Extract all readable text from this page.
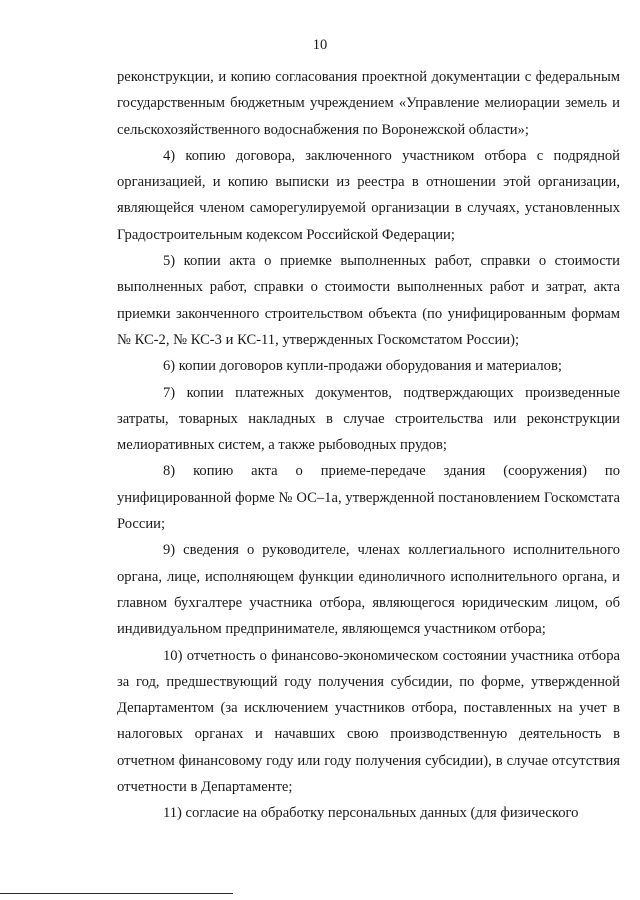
10

реконструкции, и копию согласования проектной документации с федеральным государственным бюджетным учреждением «Управление мелиорации земель и сельскохозяйственного водоснабжения по Воронежской области»;

4) копию договора, заключенного участником отбора с подрядной организацией, и копию выписки из реестра в отношении этой организации, являющейся членом саморегулируемой организации в случаях, установленных Градостроительным кодексом Российской Федерации;

5) копии акта о приемке выполненных работ, справки о стоимости выполненных работ, справки о стоимости выполненных работ и затрат, акта приемки законченного строительством объекта (по унифицированным формам № КС-2, № КС-3 и КС-11, утвержденных Госкомстатом России);

6) копии договоров купли-продажи оборудования и материалов;

7) копии платежных документов, подтверждающих произведенные затраты, товарных накладных в случае строительства или реконструкции мелиоративных систем, а также рыбоводных прудов;

8) копию акта о приеме-передаче здания (сооружения) по унифицированной форме № ОС–1а, утвержденной постановлением Госкомстата России;

9) сведения о руководителе, членах коллегиального исполнительного органа, лице, исполняющем функции единоличного исполнительного органа, и главном бухгалтере участника отбора, являющегося юридическим лицом, об индивидуальном предпринимателе, являющемся участником отбора;

10) отчетность о финансово-экономическом состоянии участника отбора за год, предшествующий году получения субсидии, по форме, утвержденной Департаментом (за исключением участников отбора, поставленных на учет в налоговых органах и начавших свою производственную деятельность в отчетном финансовому году или году получения субсидии), в случае отсутствия отчетности в Департаменте;

11) согласие на обработку персональных данных (для физического
